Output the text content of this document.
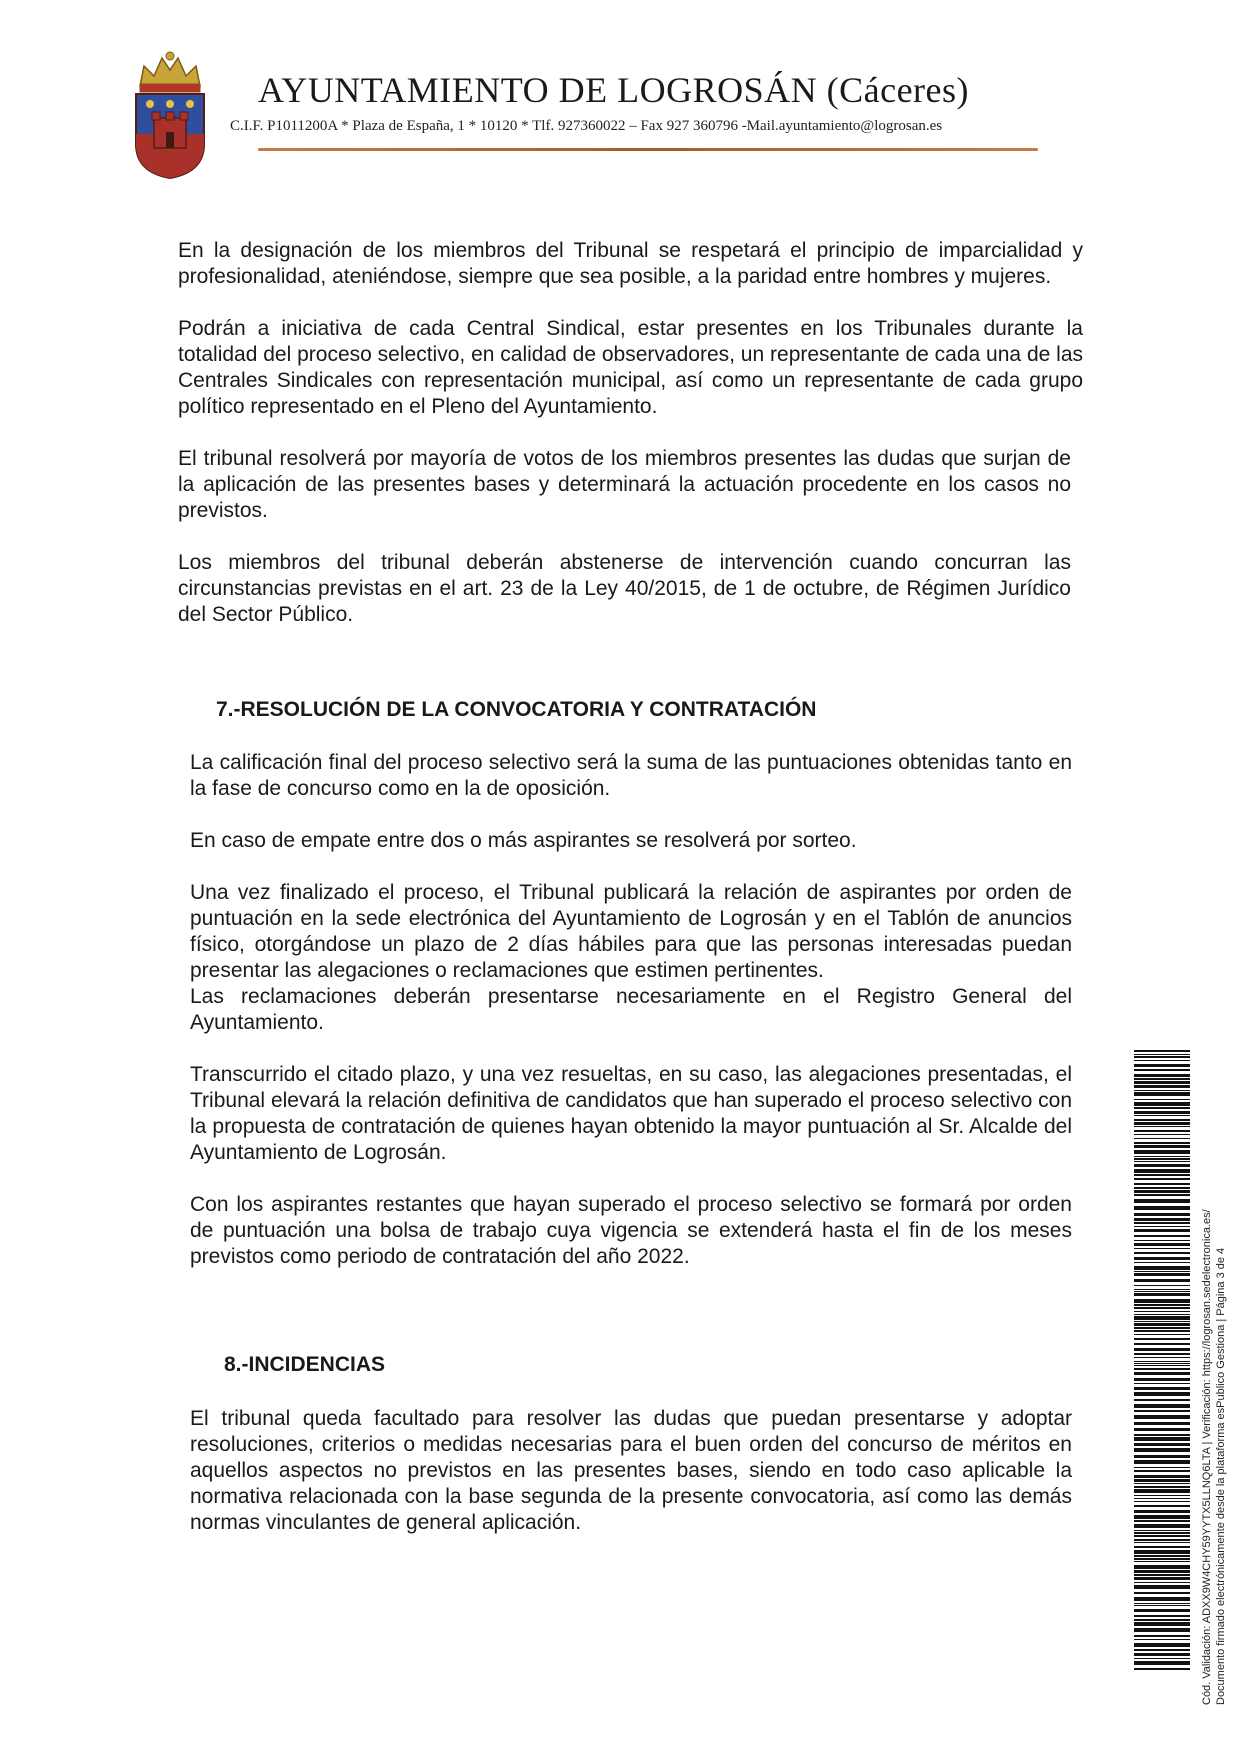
AYUNTAMIENTO DE LOGROSÁN (Cáceres)
C.I.F. P1011200A * Plaza de España, 1 * 10120 * Tlf. 927360022 – Fax 927 360796 -Mail.ayuntamiento@logrosan.es

En la designación de los miembros del Tribunal se respetará el principio de imparcialidad y profesionalidad, ateniéndose, siempre que sea posible, a la paridad entre hombres y mujeres.

Podrán a iniciativa de cada Central Sindical, estar presentes en los Tribunales durante la totalidad del proceso selectivo, en calidad de observadores, un representante de cada una de las Centrales Sindicales con representación municipal, así como un representante de cada grupo político representado en el Pleno del Ayuntamiento.

El tribunal resolverá por mayoría de votos de los miembros presentes las dudas que surjan de la aplicación de las presentes bases y determinará la actuación procedente en los casos no previstos.

Los miembros del tribunal deberán abstenerse de intervención cuando concurran las circunstancias previstas en el art. 23 de la Ley 40/2015, de 1 de octubre, de Régimen Jurídico del Sector Público.

7.-RESOLUCIÓN DE LA CONVOCATORIA Y CONTRATACIÓN

La calificación final del proceso selectivo será la suma de las puntuaciones obtenidas tanto en la fase de concurso como en la de oposición.

En caso de empate entre dos o más aspirantes se resolverá por sorteo.

Una vez finalizado el proceso, el Tribunal publicará la relación de aspirantes por orden de puntuación en la sede electrónica del Ayuntamiento de Logrosán y en el Tablón de anuncios físico, otorgándose un plazo de 2 días hábiles para que las personas interesadas puedan presentar las alegaciones o reclamaciones que estimen pertinentes.

Las reclamaciones deberán presentarse necesariamente en el Registro General del Ayuntamiento.

Transcurrido el citado plazo, y una vez resueltas, en su caso, las alegaciones presentadas, el Tribunal elevará la relación definitiva de candidatos que han superado el proceso selectivo con la propuesta de contratación de quienes hayan obtenido la mayor puntuación al Sr. Alcalde del Ayuntamiento de Logrosán.

Con los aspirantes restantes que hayan superado el proceso selectivo se formará por orden de puntuación una bolsa de trabajo cuya vigencia se extenderá hasta el fin de los meses previstos como periodo de contratación del año 2022.

8.-INCIDENCIAS

El tribunal queda facultado para resolver las dudas que puedan presentarse y adoptar resoluciones, criterios o medidas necesarias para el buen orden del concurso de méritos en aquellos aspectos no previstos en las presentes bases, siendo en todo caso aplicable la normativa relacionada con la base segunda de la presente convocatoria, así como las demás normas vinculantes de general aplicación.	Cód. Validación: ADXX9W4CHY59YYTX5LLNQ6LTA | Verificación: https://logrosan.sedelectronica.es/ Documento firmado electrónicamente desde la plataforma esPublico Gestiona | Página 3 de 4
